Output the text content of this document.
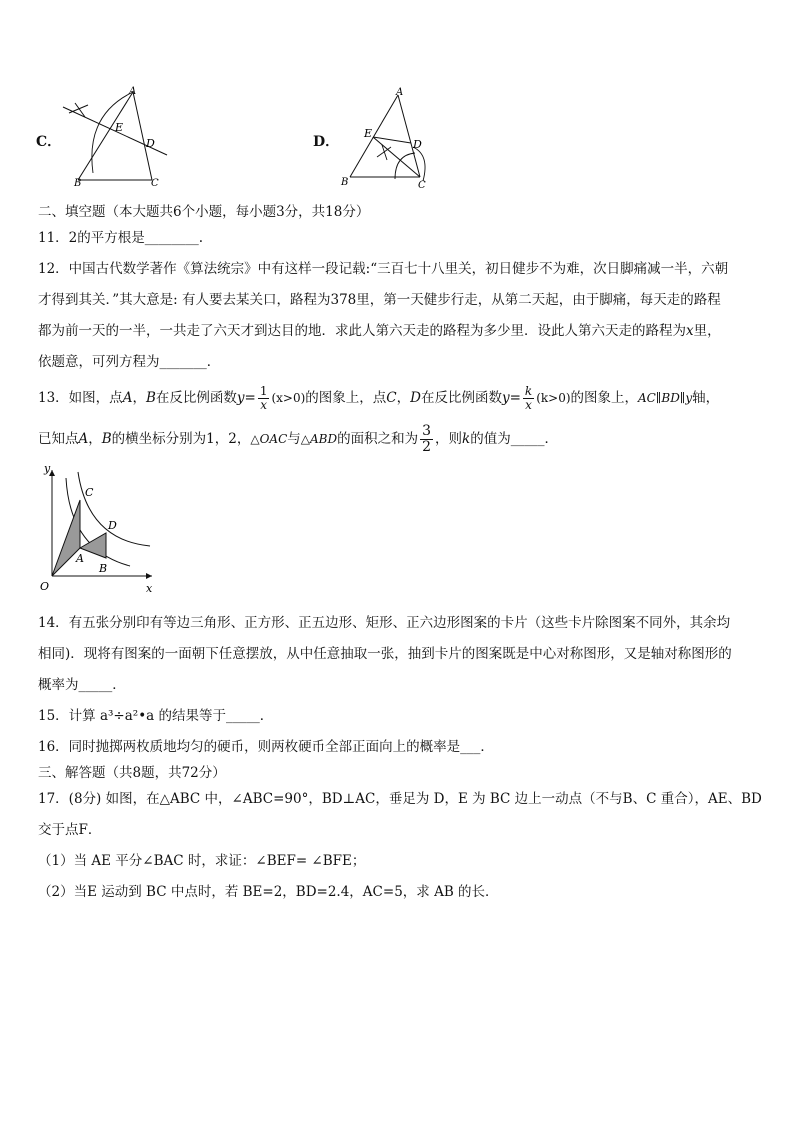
C．
A
E
D
B	C
D．
A
E
D
B	C
二、填空题（本大题共6个小题，每小题3分，共18分）
11．2的平方根是________.
12．中国古代数学著作《算法统宗》中有这样一段记载:“三百七十八里关，初日健步不为难，次日脚痛减一半，六朝
才得到其关．”其大意是: 有人要去某关口，路程为378里，第一天健步行走，从第二天起，由于脚痛，每天走的路程
都为前一天的一半，一共走了六天才到达目的地．求此人第六天走的路程为多少里．设此人第六天走的路程为x里，
依题意，可列方程为_______．
13．如图，点A，B在反比例函数$y= \frac{1}{x} (x>0)$的图象上，点C，D在反比例函数$y= \frac{k}{x} (k>0)$的图象上，AC∥BD∥y轴，
已知点A，B的横坐标分别为1，2，△OAC与△ABD的面积之和为 $\frac{3}{2}$ ，则k的值为_____．
y
x
O
A
B
C
D
14．有五张分别印有等边三角形、正方形、正五边形、矩形、正六边形图案的卡片（这些卡片除图案不同外，其余均
相同)．现将有图案的一面朝下任意摆放，从中任意抽取一张，抽到卡片的图案既是中心对称图形，又是轴对称图形的
概率为_____．
15．计算 a³÷a²•a 的结果等于_____．
16．同时抛掷两枚质地均匀的硬币，则两枚硬币全部正面向上的概率是___．
三、解答题（共8题，共72分）
17．(8分) 如图，在△ABC 中，∠ABC=90°，BD⊥AC，垂足为 D，E 为 BC 边上一动点（不与B、C 重合），AE、BD
交于点F．
（1）当 AE 平分∠BAC 时，求证：∠BEF= ∠BFE；
（2）当E 运动到 BC 中点时，若 BE=2，BD=2.4，AC=5，求 AB 的长．
